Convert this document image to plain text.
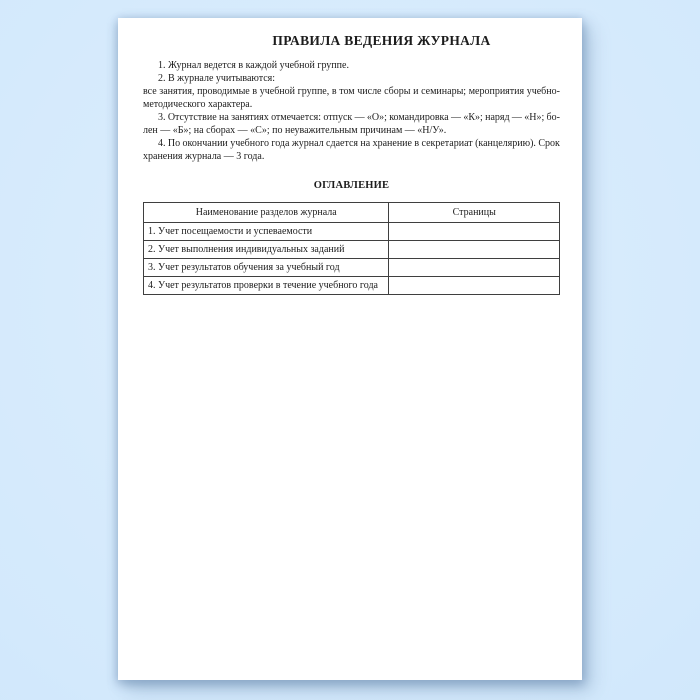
ПРАВИЛА ВЕДЕНИЯ ЖУРНАЛА
1. Журнал ведется в каждой учебной группе.
2. В журнале учитываются:
все занятия, проводимые в учебной группе, в том числе сборы и семинары; мероприятия учебно-
методического характера.
3. Отсутствие на занятиях отмечается: отпуск — «О»; командировка — «К»; наряд — «Н»; бо-
лен — «Б»; на сборах — «С»; по неуважительным причинам — «Н/У».
4. По окончании учебного года журнал сдается на хранение в секретариат (канцелярию). Срок
хранения журнала — 3 года.
ОГЛАВЛЕНИЕ
Наименование разделов журнала	Страницы
1. Учет посещаемости и успеваемости	
2. Учет выполнения индивидуальных заданий	
3. Учет результатов обучения за учебный год	
4. Учет результатов проверки в течение учебного года	
